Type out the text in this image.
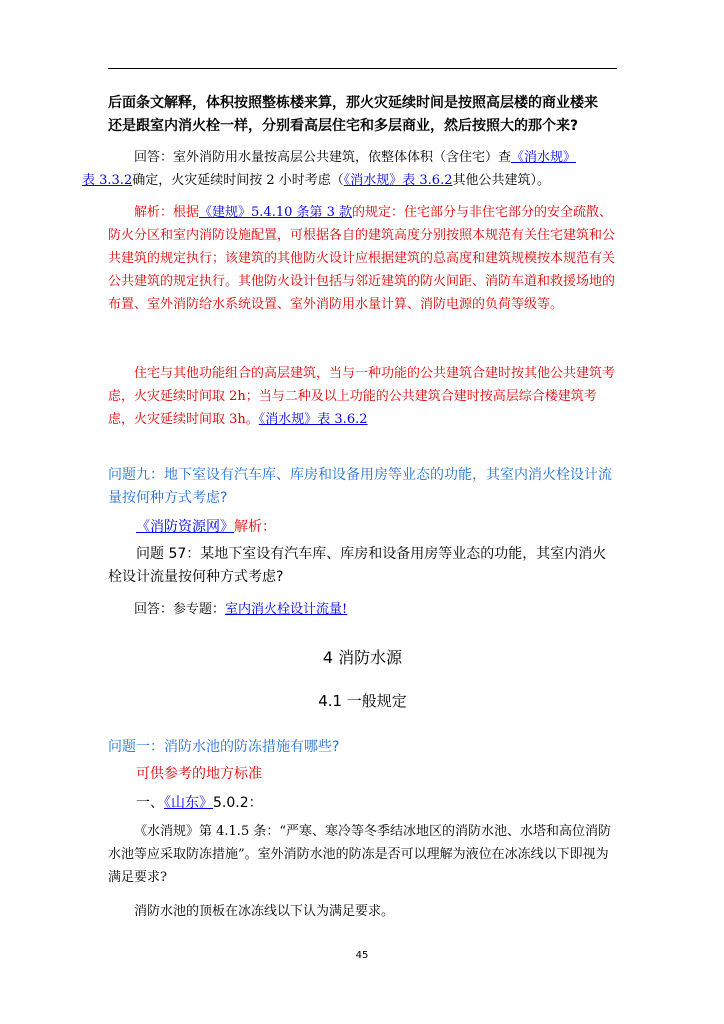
后面条文解释，体积按照整栋楼来算，那火灾延续时间是按照高层楼的商业楼来

还是跟室内消火栓一样，分别看高层住宅和多层商业，然后按照大的那个来?

回答：室外消防用水量按高层公共建筑，依整体体积（含住宅）查《消水规》
表 3.3.2确定，火灾延续时间按 2 小时考虑（《消水规》表 3.6.2其他公共建筑）。
解析：根据《建规》5.4.10 条第 3 款的规定：住宅部分与非住宅部分的安全疏散、防火分区和室内消防设施配置，可根据各自的建筑高度分别按照本规范有关住宅建筑和公共建筑的规定执行；该建筑的其他防火设计应根据建筑的总高度和建筑规模按本规范有关公共建筑的规定执行。其他防火设计包括与邻近建筑的防火间距、消防车道和救援场地的布置、室外消防给水系统设置、室外消防用水量计算、消防电源的负荷等级等。
住宅与其他功能组合的高层建筑，当与一种功能的公共建筑合建时按其他公共建筑考虑，火灾延续时间取 2h；当与二种及以上功能的公共建筑合建时按高层综合楼建筑考虑，火灾延续时间取 3h。《消水规》表 3.6.2

问题九：地下室设有汽车库、库房和设备用房等业态的功能，其室内消火栓设计流量按何种方式考虑?

《消防资源网》解析：

问题 57：某地下室设有汽车库、库房和设备用房等业态的功能，其室内消火栓设计流量按何种方式考虑?

回答：参专题：室内消火栓设计流量!
4 消防水源
4.1 一般规定

问题一：消防水池的防冻措施有哪些?

可供参考的地方标准
一、《山东》5.0.2：
《水消规》第 4.1.5 条：“严寒、寒冷等冬季结冰地区的消防水池、水塔和高位消防水池等应采取防冻措施”。室外消防水池的防冻是否可以理解为液位在冰冻线以下即视为满足要求?
消防水池的顶板在冰冻线以下认为满足要求。
45
